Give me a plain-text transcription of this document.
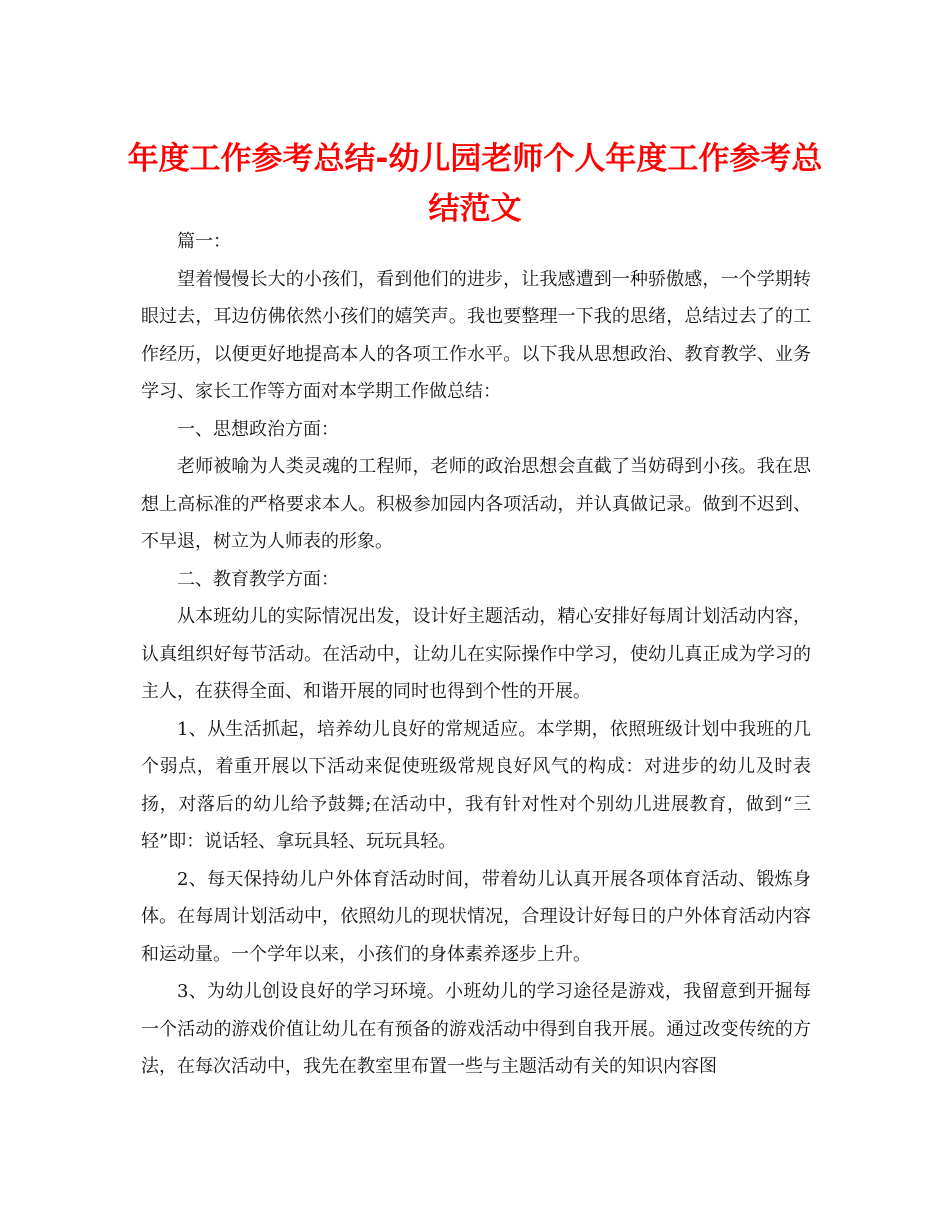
年度工作参考总结-幼儿园老师个人年度工作参考总结范文

篇一：

望着慢慢长大的小孩们，看到他们的进步，让我感遭到一种骄傲感，一个学期转眼过去，耳边仿佛依然小孩们的嬉笑声。我也要整理一下我的思绪，总结过去了的工作经历，以便更好地提高本人的各项工作水平。以下我从思想政治、教育教学、业务学习、家长工作等方面对本学期工作做总结：

一、思想政治方面：

老师被喻为人类灵魂的工程师，老师的政治思想会直截了当妨碍到小孩。我在思想上高标准的严格要求本人。积极参加园内各项活动，并认真做记录。做到不迟到、不早退，树立为人师表的形象。

二、教育教学方面：

从本班幼儿的实际情况出发，设计好主题活动，精心安排好每周计划活动内容，认真组织好每节活动。在活动中，让幼儿在实际操作中学习，使幼儿真正成为学习的主人，在获得全面、和谐开展的同时也得到个性的开展。

1、从生活抓起，培养幼儿良好的常规适应。本学期，依照班级计划中我班的几个弱点，着重开展以下活动来促使班级常规良好风气的构成：对进步的幼儿及时表扬，对落后的幼儿给予鼓舞;在活动中，我有针对性对个别幼儿进展教育，做到“三轻”即：说话轻、拿玩具轻、玩玩具轻。

2、每天保持幼儿户外体育活动时间，带着幼儿认真开展各项体育活动、锻炼身体。在每周计划活动中，依照幼儿的现状情况，合理设计好每日的户外体育活动内容和运动量。一个学年以来，小孩们的身体素养逐步上升。

3、为幼儿创设良好的学习环境。小班幼儿的学习途径是游戏，我留意到开掘每一个活动的游戏价值让幼儿在有预备的游戏活动中得到自我开展。通过改变传统的方法，在每次活动中，我先在教室里布置一些与主题活动有关的知识内容图
